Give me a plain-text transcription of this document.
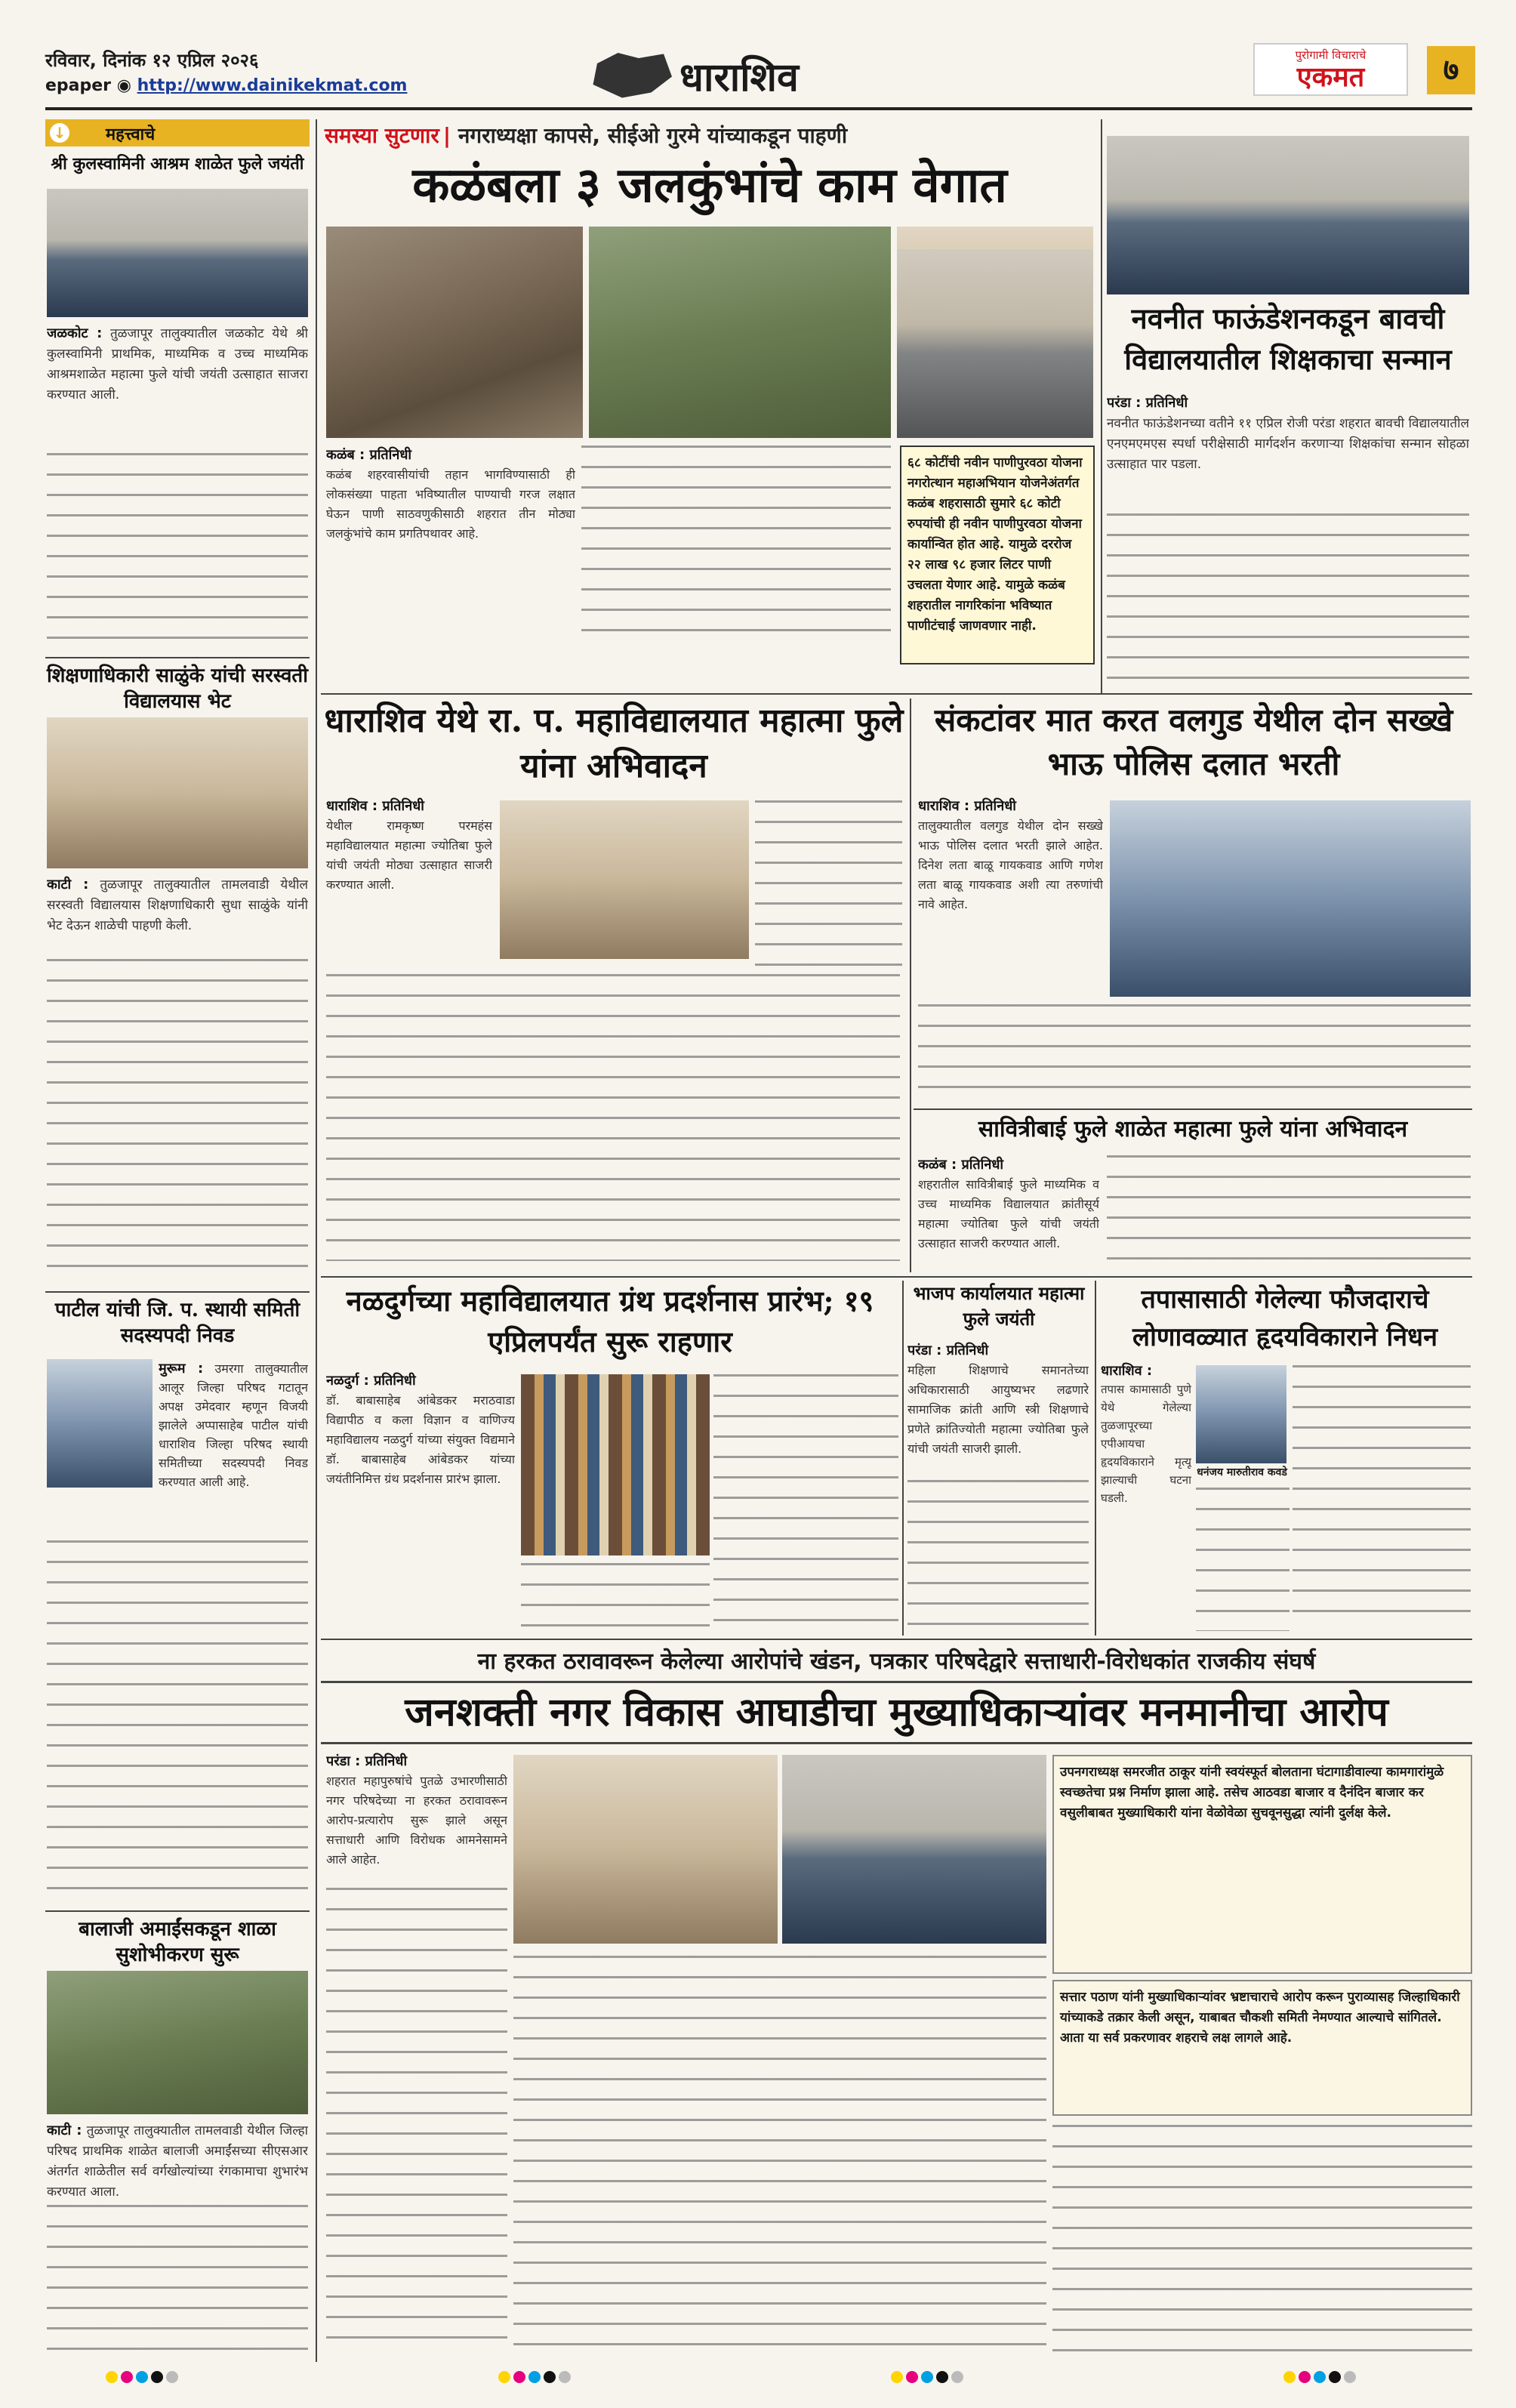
रविवार, दिनांक १२ एप्रिल २०२६
epaper ◉ http://www.dainikekmat.com	धाराशिव	पुरोगामी विचाराचे
एकमत	७
↓ महत्त्वाचे
श्री कुलस्वामिनी आश्रम शाळेत फुले जयंती
जळकोट : तुळजापूर तालुक्यातील जळकोट येथे श्री कुलस्वामिनी प्राथमिक, माध्यमिक व उच्च माध्यमिक आश्रमशाळेत महात्मा फुले यांची जयंती उत्साहात साजरा करण्यात आली.
शिक्षणाधिकारी साळुंके यांची सरस्वती विद्यालयास भेट
काटी : तुळजापूर तालुक्यातील तामलवाडी येथील सरस्वती विद्यालयास शिक्षणाधिकारी सुधा साळुंके यांनी भेट देऊन शाळेची पाहणी केली.
पाटील यांची जि. प. स्थायी समिती सदस्यपदी निवड
मुरूम : उमरगा तालुक्यातील आलूर जिल्हा परिषद गटातून अपक्ष उमेदवार म्हणून विजयी झालेले अप्पासाहेब पाटील यांची धाराशिव जिल्हा परिषद स्थायी समितीच्या सदस्यपदी निवड करण्यात आली आहे.
बालाजी अमाईंसकडून शाळा सुशोभीकरण सुरू
काटी : तुळजापूर तालुक्यातील तामलवाडी येथील जिल्हा परिषद प्राथमिक शाळेत बालाजी अमाईंसच्या सीएसआर अंतर्गत शाळेतील सर्व वर्गखोल्यांच्या रंगकामाचा शुभारंभ करण्यात आला.
समस्या सुटणार | नगराध्यक्षा कापसे, सीईओ गुरमे यांच्याकडून पाहणी
कळंबला ३ जलकुंभांचे काम वेगात
कळंब : प्रतिनिधी
कळंब शहरवासीयांची तहान भागविण्यासाठी ही लोकसंख्या पाहता भविष्यातील पाण्याची गरज लक्षात घेऊन पाणी साठवणुकीसाठी शहरात तीन मोठ्या जलकुंभांचे काम प्रगतिपथावर आहे.
६८ कोटींची नवीन पाणीपुरवठा योजना नगरोत्थान महाअभियान योजनेअंतर्गत कळंब शहरासाठी सुमारे ६८ कोटी रुपयांची ही नवीन पाणीपुरवठा योजना कार्यान्वित होत आहे. यामुळे दररोज २२ लाख ९८ हजार लिटर पाणी उचलता येणार आहे. यामुळे कळंब शहरातील नागरिकांना भविष्यात पाणीटंचाई जाणवणार नाही.
नवनीत फाऊंडेशनकडून बावची विद्यालयातील शिक्षकाचा सन्मान
परंडा : प्रतिनिधी
नवनीत फाऊंडेशनच्या वतीने ११ एप्रिल रोजी परंडा शहरात बावची विद्यालयातील एनएमएमएस स्पर्धा परीक्षेसाठी मार्गदर्शन करणाऱ्या शिक्षकांचा सन्मान सोहळा उत्साहात पार पडला.
धाराशिव येथे रा. प. महाविद्यालयात महात्मा फुले यांना अभिवादन
धाराशिव : प्रतिनिधी
येथील रामकृष्ण परमहंस महाविद्यालयात महात्मा ज्योतिबा फुले यांची जयंती मोठ्या उत्साहात साजरी करण्यात आली.
संकटांवर मात करत वलगुड येथील दोन सख्खे भाऊ पोलिस दलात भरती
धाराशिव : प्रतिनिधी
तालुक्यातील वलगुड येथील दोन सख्खे भाऊ पोलिस दलात भरती झाले आहेत. दिनेश लता बाळू गायकवाड आणि गणेश लता बाळू गायकवाड अशी त्या तरुणांची नावे आहेत.
सावित्रीबाई फुले शाळेत महात्मा फुले यांना अभिवादन
कळंब : प्रतिनिधी
शहरातील सावित्रीबाई फुले माध्यमिक व उच्च माध्यमिक विद्यालयात क्रांतीसूर्य महात्मा ज्योतिबा फुले यांची जयंती उत्साहात साजरी करण्यात आली.
नळदुर्गच्या महाविद्यालयात ग्रंथ प्रदर्शनास प्रारंभ; १९ एप्रिलपर्यंत सुरू राहणार
नळदुर्ग : प्रतिनिधी
डॉ. बाबासाहेब आंबेडकर मराठवाडा विद्यापीठ व कला विज्ञान व वाणिज्य महाविद्यालय नळदुर्ग यांच्या संयुक्त विद्यमाने डॉ. बाबासाहेब आंबेडकर यांच्या जयंतीनिमित्त ग्रंथ प्रदर्शनास प्रारंभ झाला.
भाजप कार्यालयात महात्मा फुले जयंती
परंडा : प्रतिनिधी
महिला शिक्षणाचे समानतेच्या अधिकारासाठी आयुष्यभर लढणारे सामाजिक क्रांती आणि स्त्री शिक्षणाचे प्रणेते क्रांतिज्योती महात्मा ज्योतिबा फुले यांची जयंती साजरी झाली.
तपासासाठी गेलेल्या फौजदाराचे लोणावळ्यात हृदयविकाराने निधन
धाराशिव :
तपास कामासाठी पुणे येथे गेलेल्या तुळजापूरच्या एपीआयचा हृदयविकाराने मृत्यू झाल्याची घटना घडली.
धनंजय मारुतीराव कवडे
ना हरकत ठरावावरून केलेल्या आरोपांचे खंडन, पत्रकार परिषदेद्वारे सत्ताधारी-विरोधकांत राजकीय संघर्ष
जनशक्ती नगर विकास आघाडीचा मुख्याधिकाऱ्यांवर मनमानीचा आरोप
परंडा : प्रतिनिधी
शहरात महापुरुषांचे पुतळे उभारणीसाठी नगर परिषदेच्या ना हरकत ठरावावरून आरोप-प्रत्यारोप सुरू झाले असून सत्ताधारी आणि विरोधक आमनेसामने आले आहेत.
उपनगराध्यक्ष समरजीत ठाकूर यांनी स्वयंस्फूर्त बोलताना घंटागाडीवाल्या कामगारांमुळे स्वच्छतेचा प्रश्न निर्माण झाला आहे. तसेच आठवडा बाजार व दैनंदिन बाजार कर वसुलीबाबत मुख्याधिकारी यांना वेळोवेळा सुचवूनसुद्धा त्यांनी दुर्लक्ष केले.
सत्तार पठाण यांनी मुख्याधिकाऱ्यांवर भ्रष्टाचाराचे आरोप करून पुराव्यासह जिल्हाधिकारी यांच्याकडे तक्रार केली असून, याबाबत चौकशी समिती नेमण्यात आल्याचे सांगितले. आता या सर्व प्रकरणावर शहराचे लक्ष लागले आहे.
